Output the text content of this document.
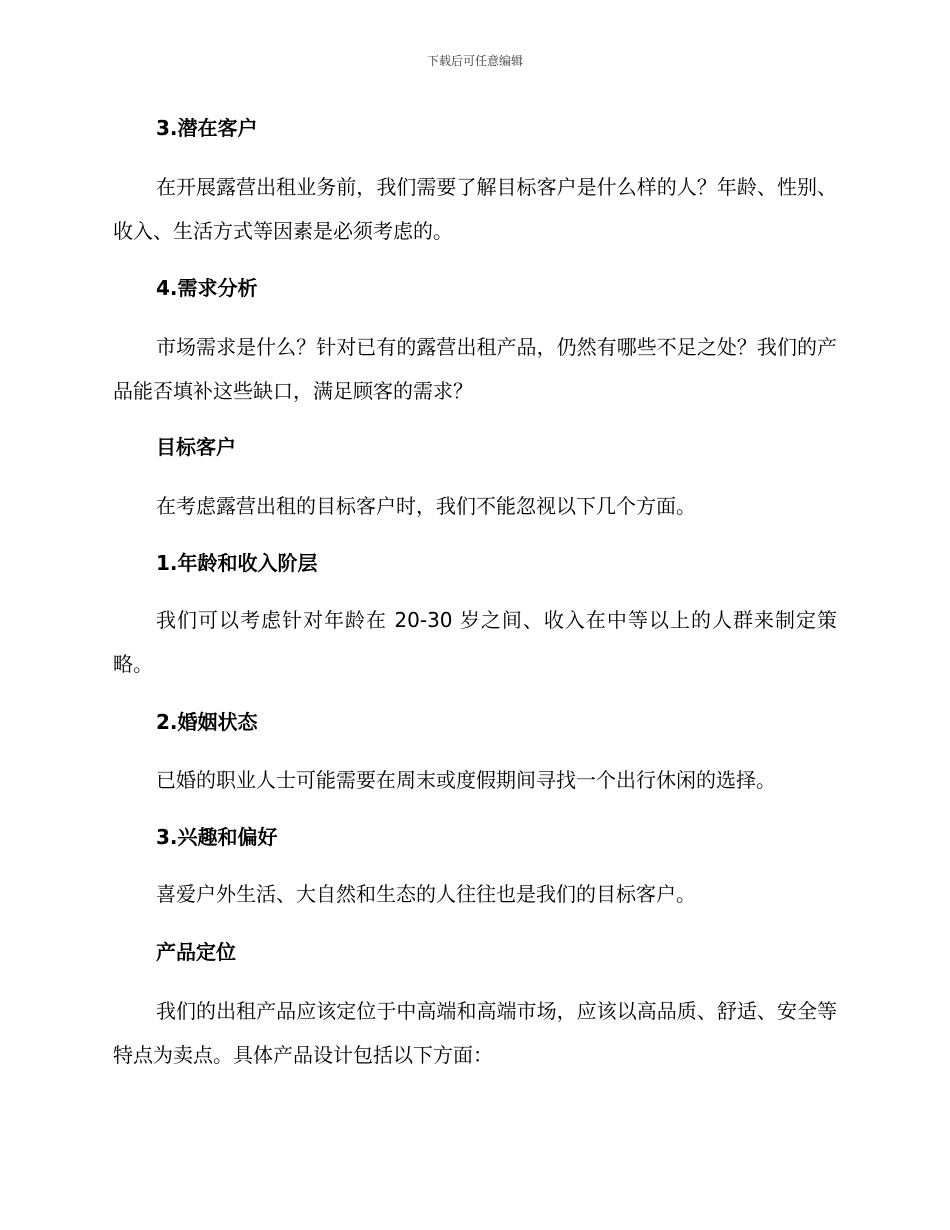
下载后可任意编辑
3.潜在客户

在开展露营出租业务前，我们需要了解目标客户是什么样的人？年龄、性别、收入、生活方式等因素是必须考虑的。

4.需求分析

市场需求是什么？针对已有的露营出租产品，仍然有哪些不足之处？我们的产品能否填补这些缺口，满足顾客的需求？

目标客户

在考虑露营出租的目标客户时，我们不能忽视以下几个方面。

1.年龄和收入阶层

我们可以考虑针对年龄在 20-30 岁之间、收入在中等以上的人群来制定策略。

2.婚姻状态

已婚的职业人士可能需要在周末或度假期间寻找一个出行休闲的选择。

3.兴趣和偏好

喜爱户外生活、大自然和生态的人往往也是我们的目标客户。

产品定位

我们的出租产品应该定位于中高端和高端市场，应该以高品质、舒适、安全等特点为卖点。具体产品设计包括以下方面：
